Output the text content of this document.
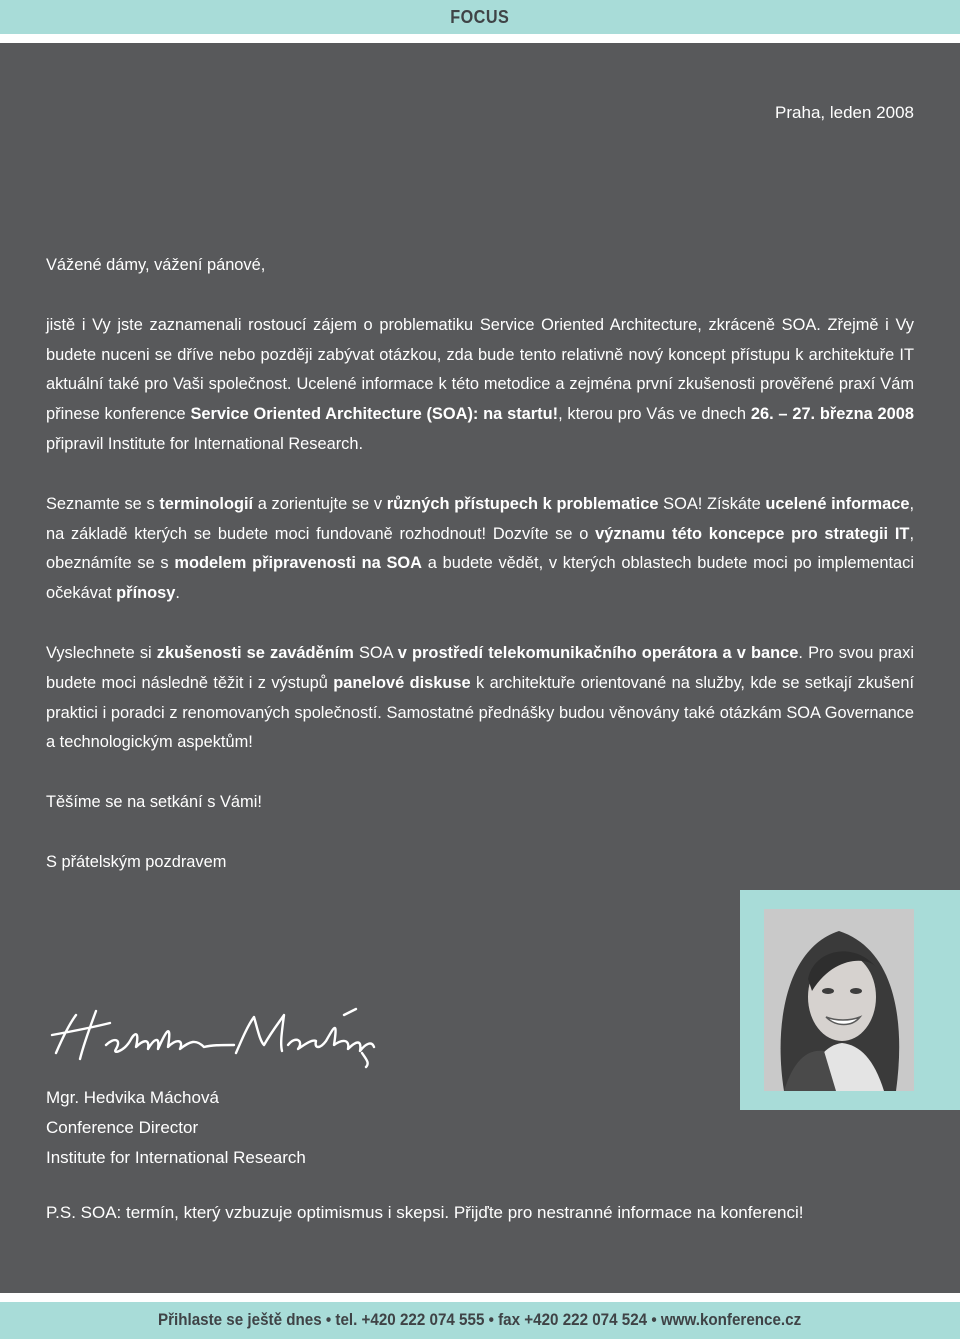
FOCUS
Praha, leden 2008

Vážené dámy, vážení pánové,

jistě i Vy jste zaznamenali rostoucí zájem o problematiku Service Oriented Architecture, zkráceně SOA. Zřejmě i Vy budete nuceni se dříve nebo později zabývat otázkou, zda bude tento relativně nový koncept přístupu k architektuře IT aktuální také pro Vaši společnost. Ucelené informace k této metodice a zejména první zkušenosti prověřené praxí Vám přinese konference Service Oriented Architecture (SOA): na startu!, kterou pro Vás ve dnech 26. – 27. března 2008 připravil Institute for International Research.

Seznamte se s terminologií a zorientujte se v různých přístupech k problematice SOA! Získáte ucelené informace, na základě kterých se budete moci fundovaně rozhodnout! Dozvíte se o významu této koncepce pro strategii IT, obeznámíte se s modelem připravenosti na SOA a budete vědět, v kterých oblastech budete moci po implementaci očekávat přínosy.

Vyslechnete si zkušenosti se zaváděním SOA v prostředí telekomunikačního operátora a v bance. Pro svou praxi budete moci následně těžit i z výstupů panelové diskuse k architektuře orientované na služby, kde se setkají zkušení praktici i poradci z renomovaných společností. Samostatné přednášky budou věnovány také otázkám SOA Governance a technologickým aspektům!

Těšíme se na setkání s Vámi!

S přátelským pozdravem

Mgr. Hedvika Máchová
Conference Director
Institute for International Research
P.S. SOA: termín, který vzbuzuje optimismus i skepsi. Přijďte pro nestranné informace na konferenci!
Přihlaste se ještě dnes • tel. +420 222 074 555 • fax +420 222 074 524 • www.konference.cz
